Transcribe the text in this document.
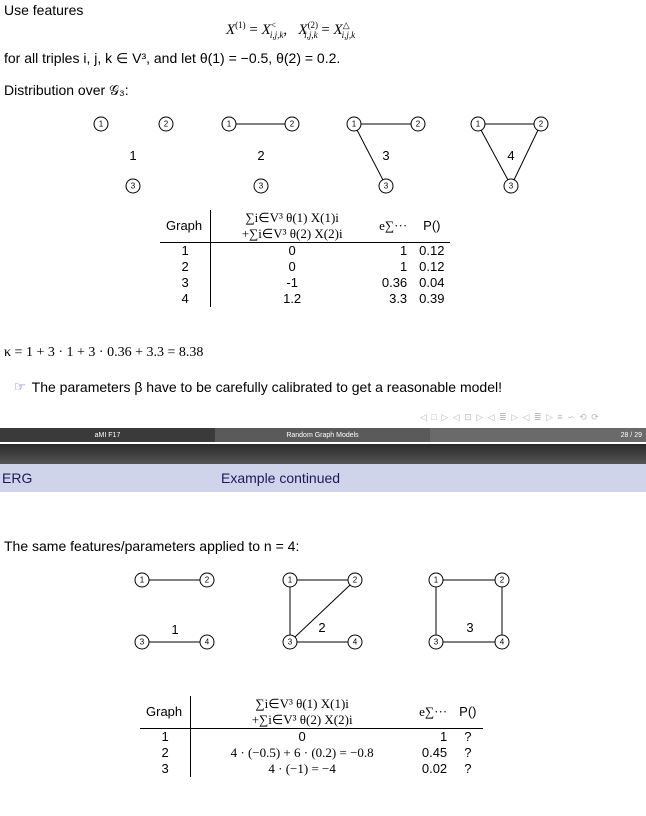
Use features
$X^{(1)} = X^<_{i,j,k}$,   $X^{(2)}_{i,j,k} = X^\triangle_{i,j,k}$
for all triples i, j, k ∈ V³, and let θ(1) = −0.5, θ(2) = 0.2.
Distribution over 𝒢₃:
1	2
3
1
1	2
3
2
1	2
3
3
1	2
3
4
Graph	∑i∈V³ θ(1) X(1)i	e∑···	P()
	+∑i∈V³ θ(2) X(2)i		
1	0	1	0.12
2	0	1	0.12
3	-1	0.36	0.04
4	1.2	3.3	0.39
κ = 1 + 3 · 1 + 3 · 0.36 + 3.3 = 8.38
☞ The parameters β have to be carefully calibrated to get a reasonable model!
◁ □ ▷ ◁ ⊡ ▷ ◁ ≣ ▷ ◁ ≣ ▷ ≡ ∽ ⟲ ⟳
aMI F17	Random Graph Models	28 / 29
ERG	Example continued
The same features/parameters applied to n = 4:
1	2
3	4
1
1	2
3	4
2
1	2
3	4
3
Graph	∑i∈V³ θ(1) X(1)i	e∑···	P()
	+∑i∈V³ θ(2) X(2)i		
1	0	1	?
2	4 · (−0.5) + 6 · (0.2) = −0.8	0.45	?
3	4 · (−1) = −4	0.02	?
